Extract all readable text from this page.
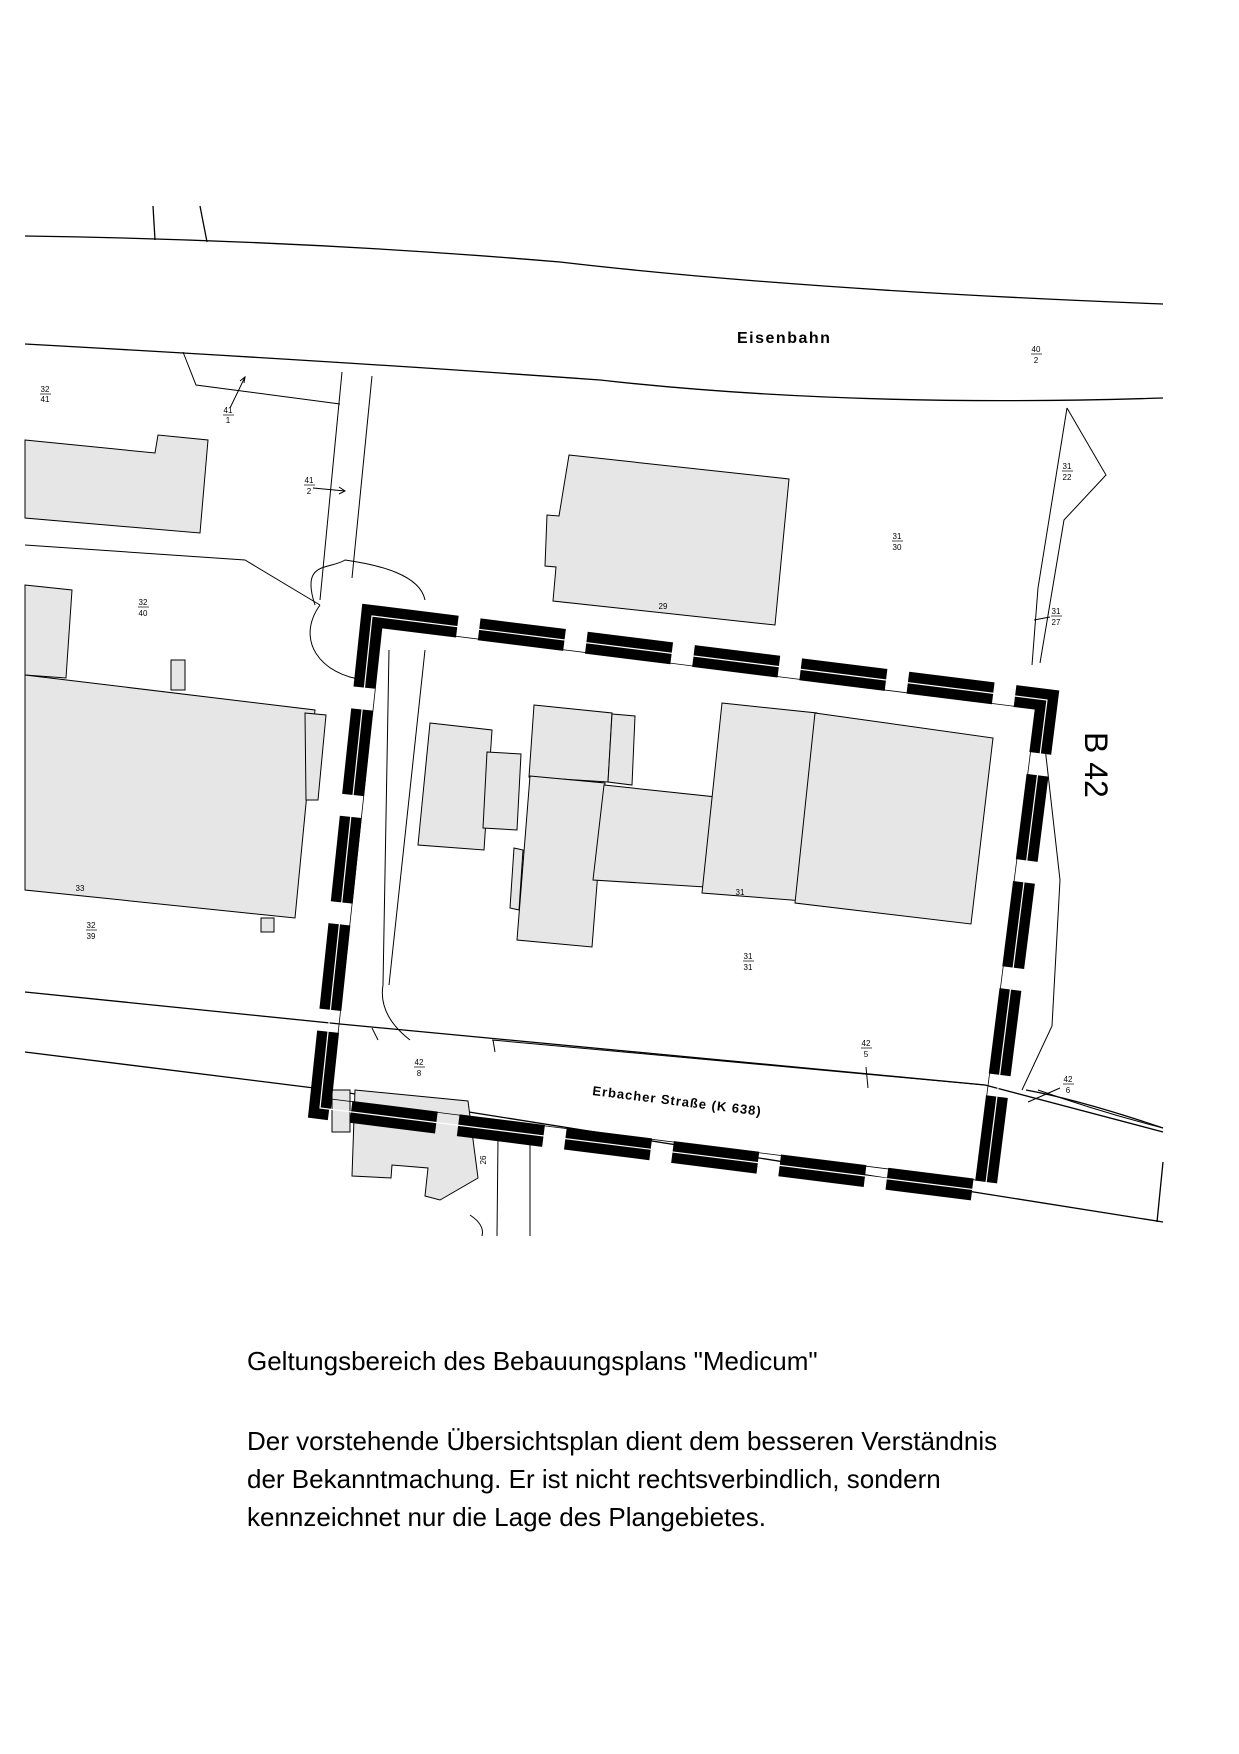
Eisenbahn
B 42
Erbacher Straße (K 638)
32
41
41
1
41
2
40
2
31
22
31
30
31
27
32
40
32
39
31
31
42
5
42
8
42
6
29
31
33
26

Geltungsbereich des Bebauungsplans "Medicum"

Der vorstehende Übersichtsplan dient dem besseren Verständnis
der Bekanntmachung. Er ist nicht rechtsverbindlich, sondern
kennzeichnet nur die Lage des Plangebietes.
